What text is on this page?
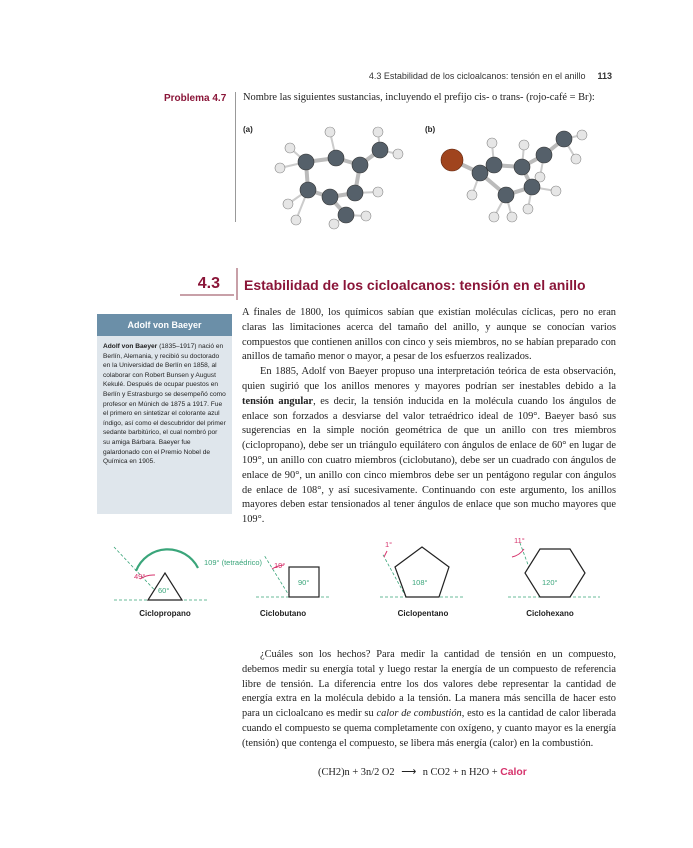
4.3 Estabilidad de los cicloalcanos: tensión en el anillo 113
Problema 4.7 Nombre las siguientes sustancias, incluyendo el prefijo cis- o trans- (rojo-café = Br):
(a)	(b)
4.3 Estabilidad de los cicloalcanos: tensión en el anillo
Adolf von Baeyer
Adolf von Baeyer (1835–1917) nació en Berlín, Alemania, y recibió su doctorado en la Universidad de Berlín en 1858, al colaborar con Robert Bunsen y August Kekulé. Después de ocupar puestos en Berlín y Estrasburgo se desempeñó como profesor en Múnich de 1875 a 1917. Fue el primero en sintetizar el colorante azul índigo, así como el descubridor del primer sedante barbitúrico, el cual nombró por su amiga Bárbara. Baeyer fue galardonado con el Premio Nobel de Química en 1905.

A finales de 1800, los químicos sabían que existían moléculas cíclicas, pero no eran claras las limitaciones acerca del tamaño del anillo, y aunque se conocían varios compuestos que contienen anillos con cinco y seis miembros, no se habían preparado con anillos de tamaño menor o mayor, a pesar de los esfuerzos realizados.

En 1885, Adolf von Baeyer propuso una interpretación teórica de esta observación, quien sugirió que los anillos menores y mayores podrían ser inestables debido a la tensión angular, es decir, la tensión inducida en la molécula cuando los ángulos de enlace son forzados a desviarse del valor tetraédrico ideal de 109°. Baeyer basó sus sugerencias en la simple noción geométrica de que un anillo con tres miembros (ciclopropano), debe ser un triángulo equilátero con ángulos de enlace de 60° en lugar de 109°, un anillo con cuatro miembros (ciclobutano), debe ser un cuadrado con ángulos de enlace de 90°, un anillo con cinco miembros debe ser un pentágono regular con ángulos de enlace de 108°, y así sucesivamente. Continuando con este argumento, los anillos mayores deben estar tensionados al tener ángulos de enlace que son mucho mayores que 109°.

109° (tetraédrico)
49°
60°
19°
90°
1°
108°
11°
120°
Ciclopropano	Ciclobutano	Ciclopentano	Ciclohexano

¿Cuáles son los hechos? Para medir la cantidad de tensión en un compuesto, debemos medir su energía total y luego restar la energía de un compuesto de referencia libre de tensión. La diferencia entre los dos valores debe representar la cantidad de energía extra en la molécula debido a la tensión. La manera más sencilla de hacer esto para un cicloalcano es medir su calor de combustión, esto es la cantidad de calor liberada cuando el compuesto se quema completamente con oxígeno, y cuanto mayor es la energía (tensión) que contenga el compuesto, se libera más energía (calor) en la combustión.

(CH2)n + 3n/2 O2 ⟶ n CO2 + n H2O + Calor
